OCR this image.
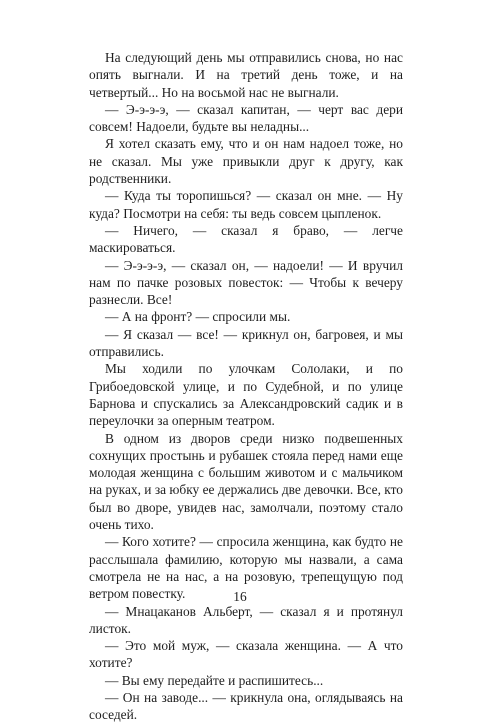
На следующий день мы отправились снова, но нас опять выгнали. И на третий день тоже, и на четвертый... Но на восьмой нас не выгнали.

— Э-э-э-э, — сказал капитан, — черт вас дери совсем! Надоели, будьте вы неладны...

Я хотел сказать ему, что и он нам надоел тоже, но не сказал. Мы уже привыкли друг к другу, как родственники.

— Куда ты торопишься? — сказал он мне. — Ну куда? Посмотри на себя: ты ведь совсем цыпленок.

— Ничего, — сказал я браво, — легче маскироваться.

— Э-э-э-э, — сказал он, — надоели! — И вручил нам по пачке розовых повесток: — Чтобы к вечеру разнесли. Все!

— А на фронт? — спросили мы.

— Я сказал — все! — крикнул он, багровея, и мы отправились.

Мы ходили по улочкам Сололаки, и по Грибоедовской улице, и по Судебной, и по улице Барнова и спускались за Александровский садик и в переулочки за оперным театром.

В одном из дворов среди низко подвешенных сохнущих простынь и рубашек стояла перед нами еще молодая женщина с большим животом и с мальчиком на руках, и за юбку ее держались две девочки. Все, кто был во дворе, увидев нас, замолчали, поэтому стало очень тихо.

— Кого хотите? — спросила женщина, как будто не расслышала фамилию, которую мы назвали, а сама смотрела не на нас, а на розовую, трепещущую под ветром повестку.

— Мнацаканов Альберт, — сказал я и протянул листок.

— Это мой муж, — сказала женщина. — А что хотите?

— Вы ему передайте и распишитесь...

— Он на заводе... — крикнула она, оглядываясь на соседей.

16
